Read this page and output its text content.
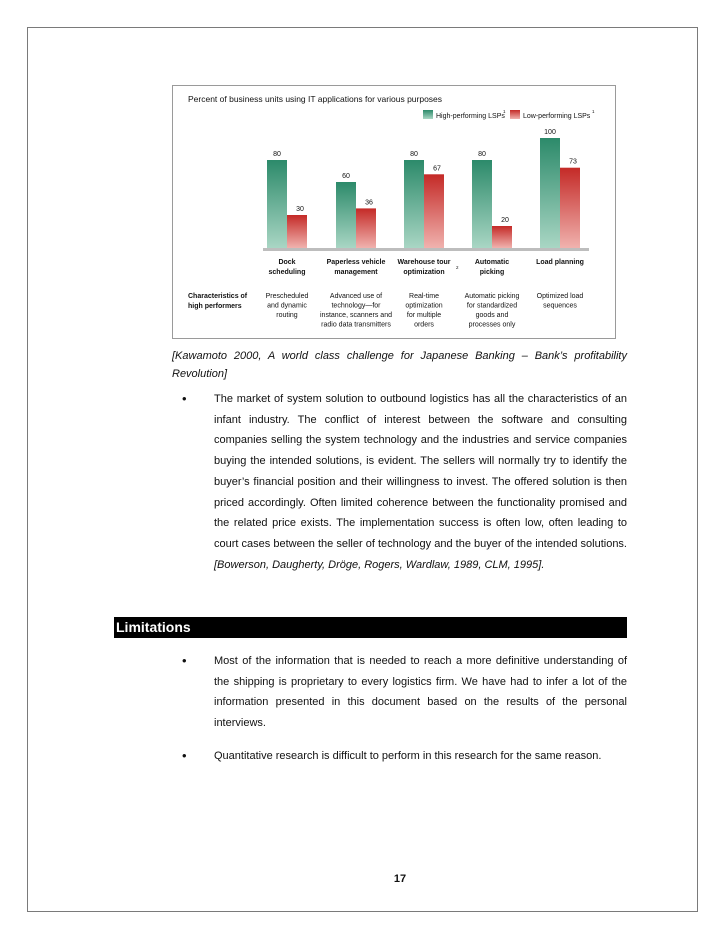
Percent of business units using IT applications for various purposes
High-performing LSPs
1
Low-performing LSPs
1
80
60
80	80
100
30
36
67
20
73
Dock
scheduling
Paperless vehicle
management
Warehouse tour
optimization
2
Automatic
picking
Load planning
Characteristics of
high performers
Prescheduled
and dynamic
routing
Advanced use of
technology—for
instance, scanners and
radio data transmitters
Real-time
optimization
for multiple
orders
Automatic picking
for standardized
goods and
processes only
Optimized load
sequences
[Kawamoto 2000, A world class challenge for Japanese Banking – Bank’s profitability Revolution]
• The market of system solution to outbound logistics has all the characteristics of an infant industry. The conflict of interest between the software and consulting companies selling the system technology and the industries and service companies buying the intended solutions, is evident. The sellers will normally try to identify the buyer’s financial position and their willingness to invest. The offered solution is then priced accordingly. Often limited coherence between the functionality promised and the related price exists. The implementation success is often low, often leading to court cases between the seller of technology and the buyer of the intended solutions.[Bowerson, Daugherty, Dröge, Rogers, Wardlaw, 1989, CLM, 1995].
Limitations
• Most of the information that is needed to reach a more definitive understanding of the shipping is proprietary to every logistics firm. We have had to infer a lot of the information presented in this document based on the results of the personal interviews.
• Quantitative research is difficult to perform in this research for the same reason.
17
